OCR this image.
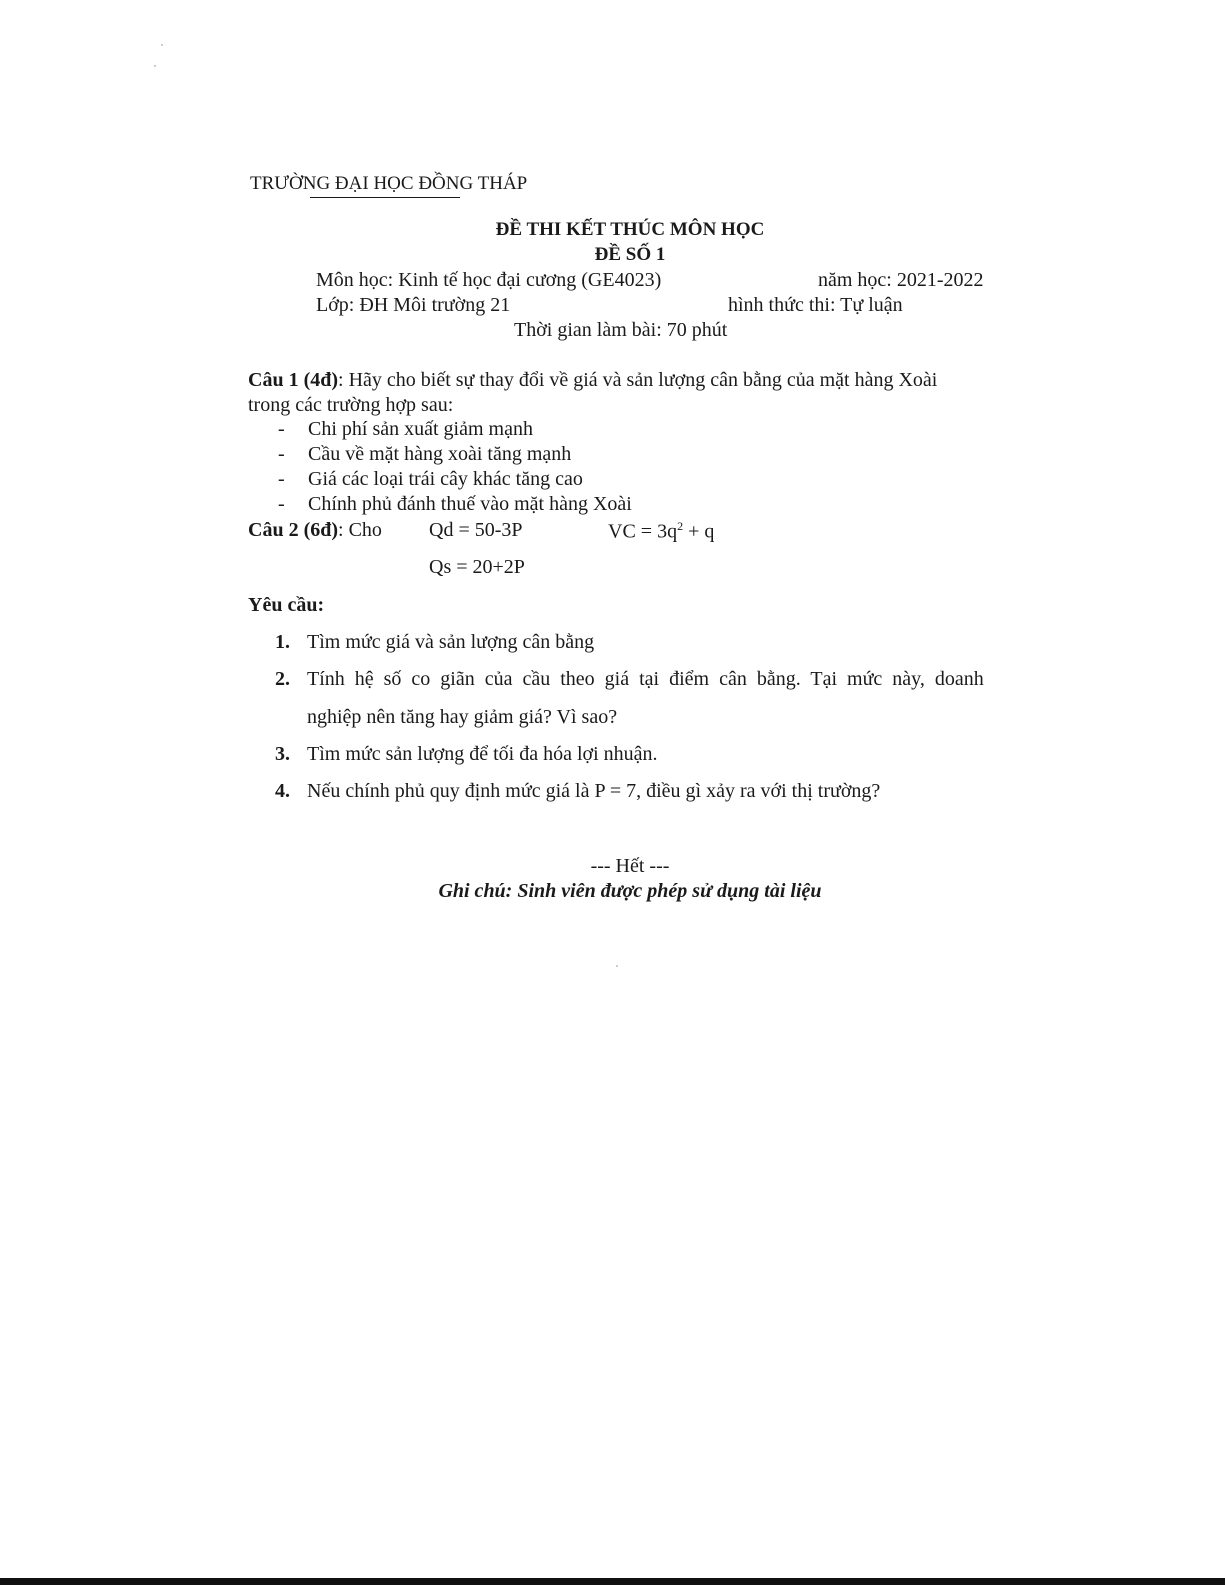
TRƯỜNG ĐẠI HỌC ĐỒNG THÁP
ĐỀ THI KẾT THÚC MÔN HỌC
ĐỀ SỐ 1
Môn học: Kinh tế học đại cương (GE4023)	năm học: 2021-2022
Lớp: ĐH Môi trường 21	hình thức thi: Tự luận
Thời gian làm bài: 70 phút
Câu 1 (4đ): Hãy cho biết sự thay đổi về giá và sản lượng cân bằng của mặt hàng Xoài
trong các trường hợp sau:
- Chi phí sản xuất giảm mạnh
- Cầu về mặt hàng xoài tăng mạnh
- Giá các loại trái cây khác tăng cao
- Chính phủ đánh thuế vào mặt hàng Xoài
Câu 2 (6đ): Cho Qd = 50-3P	VC = $3q^2 + q$
Qs = 20+2P
Yêu cầu:
1. Tìm mức giá và sản lượng cân bằng
2. Tính hệ số co giãn của cầu theo giá tại điểm cân bằng. Tại mức này, doanh
nghiệp nên tăng hay giảm giá? Vì sao?
3. Tìm mức sản lượng để tối đa hóa lợi nhuận.
4. Nếu chính phủ quy định mức giá là P = 7, điều gì xảy ra với thị trường?
--- Hết ---
Ghi chú: Sinh viên được phép sử dụng tài liệu
